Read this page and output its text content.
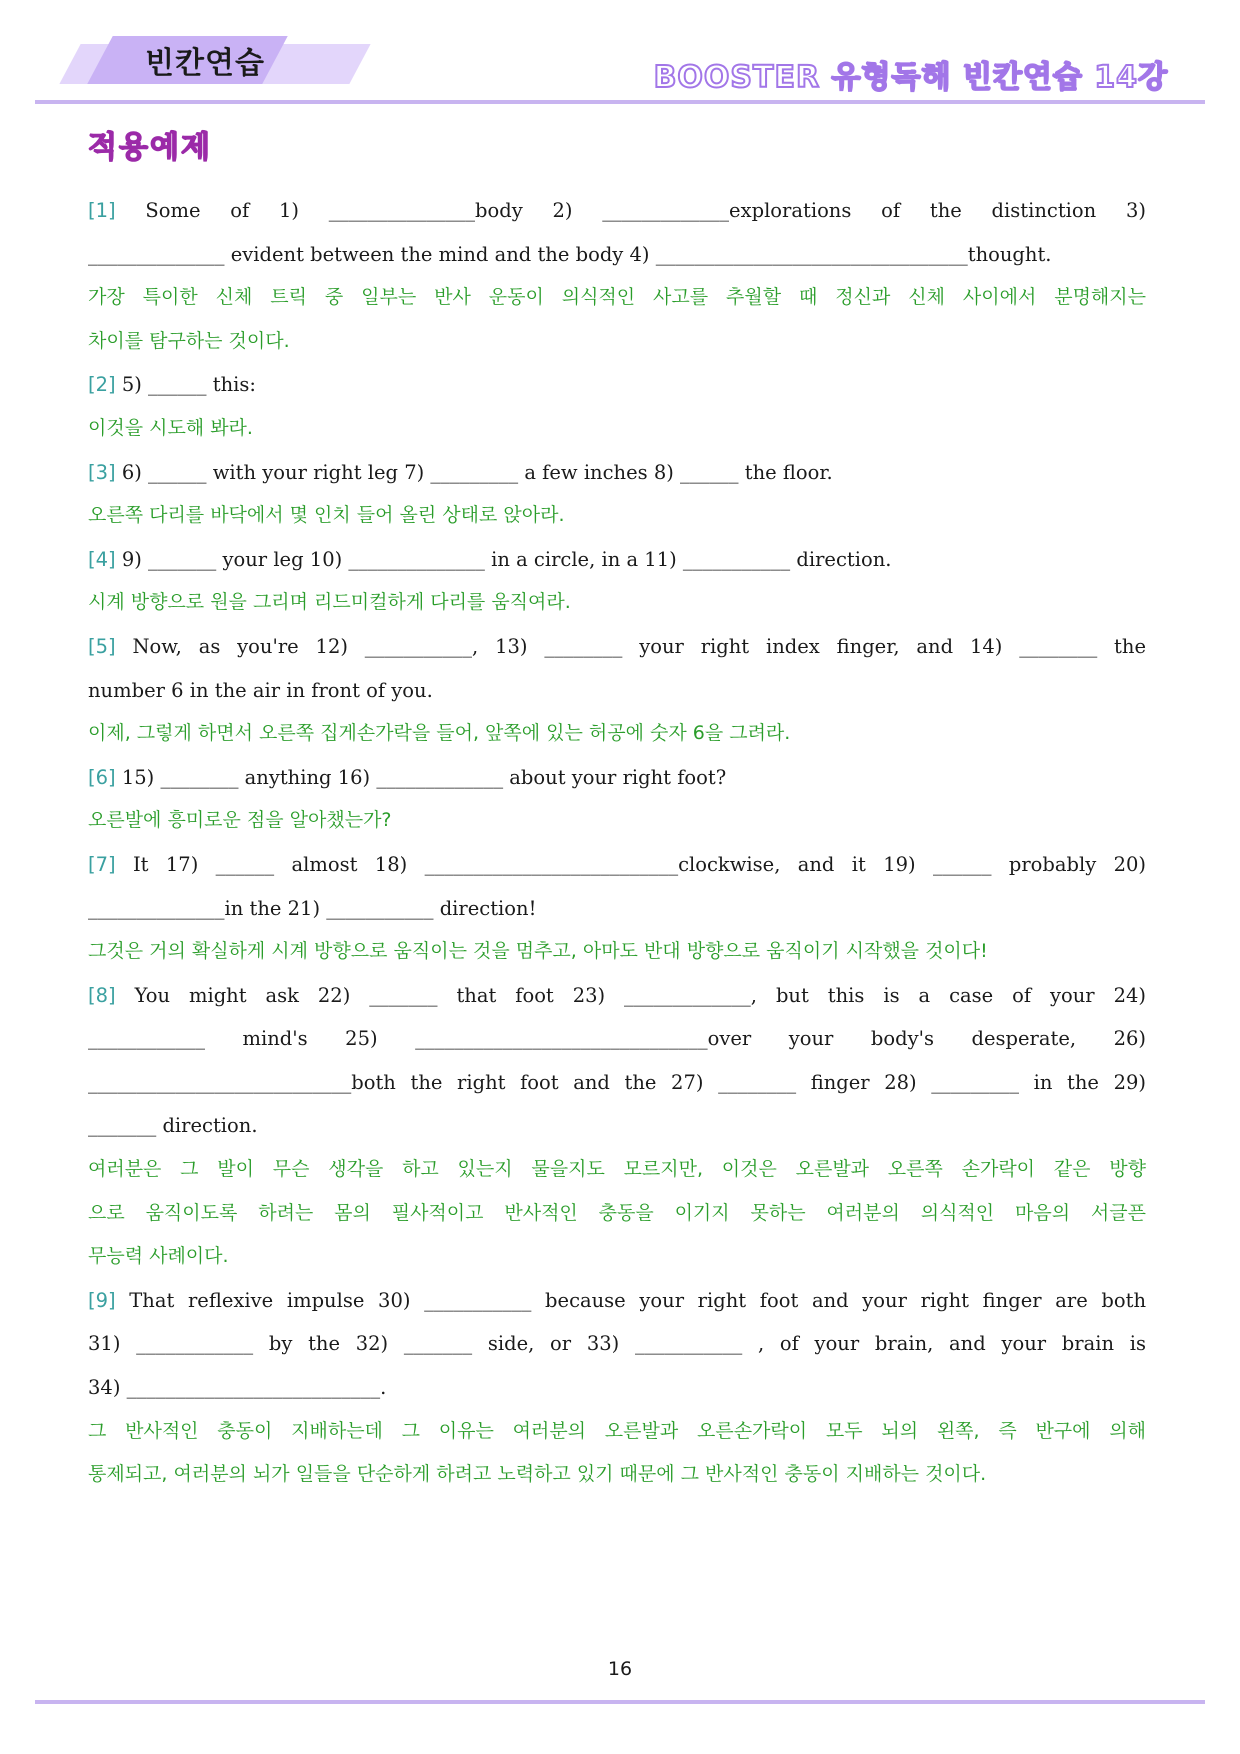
빈칸연습	BOOSTER 유형독해 빈칸연습 14강
적용예제
[1] Some of 1) _______________body 2) _____________explorations of the distinction 3)
______________ evident between the mind and the body 4) ________________________________thought.
가장 특이한 신체 트릭 중 일부는 반사 운동이 의식적인 사고를 추월할 때 정신과 신체 사이에서 분명해지는
차이를 탐구하는 것이다.
[2] 5) ______ this:
이것을 시도해 봐라.
[3] 6) ______ with your right leg 7) _________ a few inches 8) ______ the floor.
오른쪽 다리를 바닥에서 몇 인치 들어 올린 상태로 앉아라.
[4] 9) _______ your leg 10) ______________ in a circle, in a 11) ___________ direction.
시계 방향으로 원을 그리며 리드미컬하게 다리를 움직여라.
[5] Now, as you're 12) ___________, 13) ________ your right index finger, and 14) ________ the
number 6 in the air in front of you.
이제, 그렇게 하면서 오른쪽 집게손가락을 들어, 앞쪽에 있는 허공에 숫자 6을 그려라.
[6] 15) ________ anything 16) _____________ about your right foot?
오른발에 흥미로운 점을 알아챘는가?
[7] It 17) ______ almost 18) __________________________clockwise, and it 19) ______ probably 20)
______________in the 21) ___________ direction!
그것은 거의 확실하게 시계 방향으로 움직이는 것을 멈추고, 아마도 반대 방향으로 움직이기 시작했을 것이다!
[8] You might ask 22) _______ that foot 23) _____________, but this is a case of your 24)
____________ mind's 25) ______________________________over your body's desperate, 26)
___________________________both the right foot and the 27) ________ finger 28) _________ in the 29)
_______ direction.
여러분은 그 발이 무슨 생각을 하고 있는지 물을지도 모르지만, 이것은 오른발과 오른쪽 손가락이 같은 방향
으로 움직이도록 하려는 몸의 필사적이고 반사적인 충동을 이기지 못하는 여러분의 의식적인 마음의 서글픈
무능력 사례이다.
[9] That reflexive impulse 30) ___________ because your right foot and your right finger are both
31) ____________ by the 32) _______ side, or 33) ___________ , of your brain, and your brain is
34) __________________________.
그 반사적인 충동이 지배하는데 그 이유는 여러분의 오른발과 오른손가락이 모두 뇌의 왼쪽, 즉 반구에 의해
통제되고, 여러분의 뇌가 일들을 단순하게 하려고 노력하고 있기 때문에 그 반사적인 충동이 지배하는 것이다.
16
